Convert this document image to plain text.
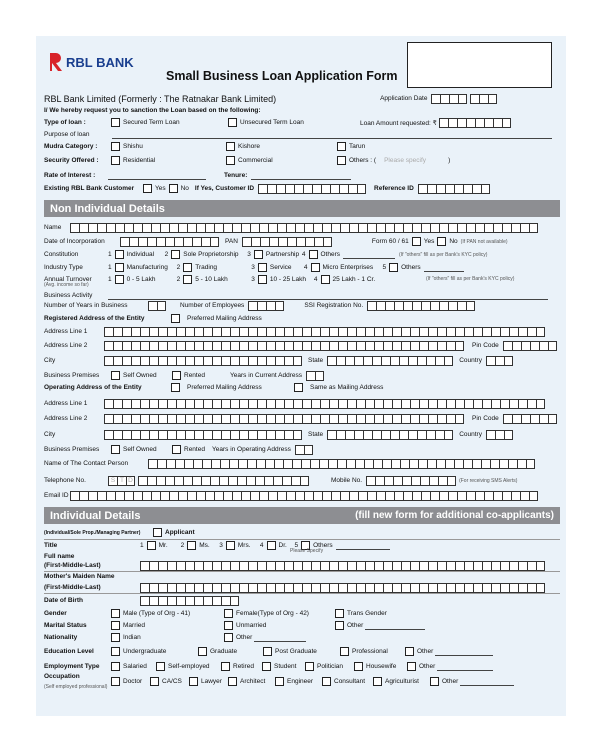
RBL BANK
Small Business Loan Application Form
RBL Bank Limited (Formerly : The Ratnakar Bank Limited)	Application Date
I/ We hereby request you to sanction the Loan based on the following:
Type of loan :	Secured Term Loan	Unsecured Term Loan	Loan Amount requested: ₹
Purpose of loan
Mudra Category :	Shishu	Kishore	Tarun
Security Offered :	Residential	Commercial	Others : ( Please specify	)
Rate of Interest :	Tenure:
Existing RBL Bank Customer	Yes No If Yes, Customer ID	Reference ID
Non Individual Details
Name
Date of Incorporation	PAN	Form 60 / 61 Yes No (If PAN not available)
Constitution	1 Individual	2 Sole Proprietorship	3 Partnership 4 Others	(If "others" fill as per Bank's KYC policy)
Industry Type	1 Manufacturing	2 Trading	3 Service	4 Micro Enterprises	5 Others
(If "others" fill as per Bank's KYC policy)
Annual Turnover	1 0 - 5 Lakh	2 5 - 10 Lakh	3 10 - 25 Lakh	4 25 Lakh - 1 Cr.
(Avg. income so far)
Business Activity
Number of Years in Business	Number of Employees	SSI Registration No.
Registered Address of the Entity	Preferred Mailing Address
Address Line 1
Address Line 2	Pin Code
City	State	Country
Business Premises	Self Owned	Rented	Years in Current Address
Operating Address of the Entity	Preferred Mailing Address	Same as Mailing Address
Address Line 1
Address Line 2	Pin Code
City	State	Country
Business Premises	Self Owned	Rented	Years in Operating Address
Name of The Contact Person
Telephone No.	S T D	Mobile No.	(For receiving SMS Alerts)
Email ID
Individual Details	(fill new form for additional co-applicants)
(Individual/Sole Prop./Managing Partner)	Applicant
Title	1 Mr.	2 Ms.	3 Mrs.	4 Dr.	5 Others
Please Specify
Full name
(First-Middle-Last)
Mother's Maiden Name
(First-Middle-Last)
Date of Birth
Gender	Male (Type of Org - 41)	Female(Type of Org - 42)	Trans Gender
Marital Status	Married	Unmarried	Other
Nationality	Indian	Other
Education Level	Undergraduate	Graduate	Post Graduate	Professional	Other
Employment Type	Salaried	Self-employed	Retired	Student	Politician	Housewife	Other
Occupation
Doctor	CA/CS	Lawyer	Architect	Engineer	Consultant	Agriculturist	Other
(Self employed professional)
